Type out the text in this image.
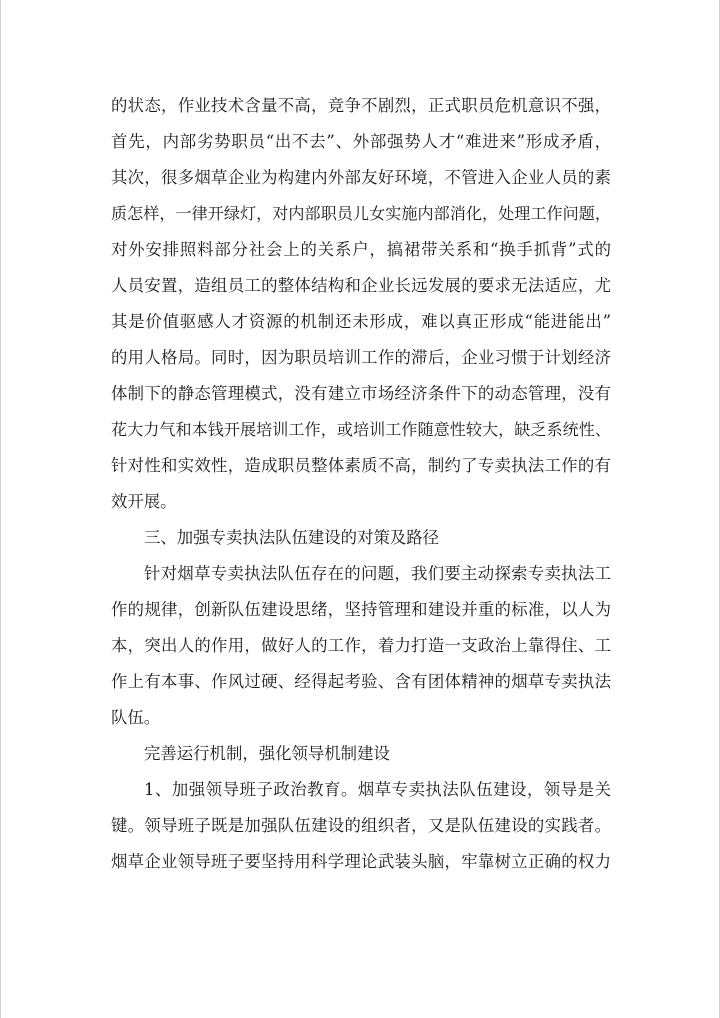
的状态，作业技术含量不高，竞争不剧烈，正式职员危机意识不强，
首先，内部劣势职员“出不去”、外部强势人才“难进来”形成矛盾，
其次，很多烟草企业为构建内外部友好环境，不管进入企业人员的素
质怎样，一律开绿灯，对内部职员儿女实施内部消化，处理工作问题，
对外安排照料部分社会上的关系户，搞裙带关系和“换手抓背”式的
人员安置，造组员工的整体结构和企业长远发展的要求无法适应，尤
其是价值驱感人才资源的机制还未形成，难以真正形成“能进能出”
的用人格局。同时，因为职员培训工作的滞后，企业习惯于计划经济
体制下的静态管理模式，没有建立市场经济条件下的动态管理，没有
花大力气和本钱开展培训工作，或培训工作随意性较大，缺乏系统性、
针对性和实效性，造成职员整体素质不高，制约了专卖执法工作的有
效开展。
三、加强专卖执法队伍建设的对策及路径
针对烟草专卖执法队伍存在的问题，我们要主动探索专卖执法工
作的规律，创新队伍建设思绪，坚持管理和建设并重的标准，以人为
本，突出人的作用，做好人的工作，着力打造一支政治上靠得住、工
作上有本事、作风过硬、经得起考验、含有团体精神的烟草专卖执法
队伍。
完善运行机制，强化领导机制建设
1、加强领导班子政治教育。烟草专卖执法队伍建设，领导是关
键。领导班子既是加强队伍建设的组织者，又是队伍建设的实践者。
烟草企业领导班子要坚持用科学理论武装头脑，牢靠树立正确的权力
